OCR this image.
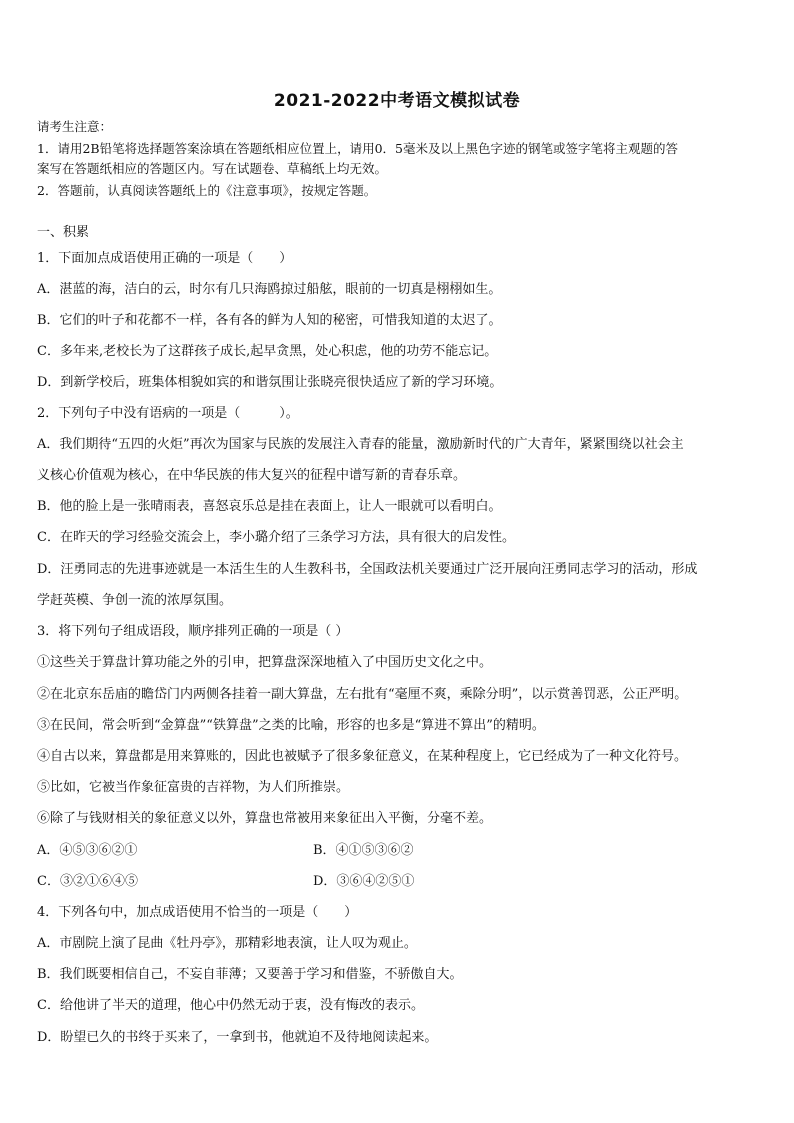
2021-2022中考语文模拟试卷
请考生注意：
1．请用2B铅笔将选择题答案涂填在答题纸相应位置上，请用0．5毫米及以上黑色字迹的钢笔或签字笔将主观题的答
案写在答题纸相应的答题区内。写在试题卷、草稿纸上均无效。
2．答题前，认真阅读答题纸上的《注意事项》，按规定答题。
一、积累
1．下面加点成语使用正确的一项是（　　）
A．湛蓝的海，洁白的云，时尔有几只海鸥掠过船舷，眼前的一切真是栩栩如生。
B．它们的叶子和花都不一样，各有各的鲜为人知的秘密，可惜我知道的太迟了。
C．多年来,老校长为了这群孩子成长,起早贪黑，处心积虑，他的功劳不能忘记。
D．到新学校后，班集体相貌如宾的和谐氛围让张晓亮很快适应了新的学习环境。
2．下列句子中没有语病的一项是（　　　）。
A．我们期待“五四的火炬”再次为国家与民族的发展注入青春的能量，激励新时代的广大青年，紧紧围绕以社会主
义核心价值观为核心，在中华民族的伟大复兴的征程中谱写新的青春乐章。
B．他的脸上是一张晴雨表，喜怒哀乐总是挂在表面上，让人一眼就可以看明白。
C．在昨天的学习经验交流会上，李小璐介绍了三条学习方法，具有很大的启发性。
D．汪勇同志的先进事迹就是一本活生生的人生教科书，全国政法机关要通过广泛开展向汪勇同志学习的活动，形成
学赶英模、争创一流的浓厚氛围。
3．将下列句子组成语段，顺序排列正确的一项是（ ）
①这些关于算盘计算功能之外的引申，把算盘深深地植入了中国历史文化之中。
②在北京东岳庙的瞻岱门内两侧各挂着一副大算盘，左右批有“毫厘不爽，乘除分明”，以示赏善罚恶，公正严明。
③在民间，常会听到“金算盘”“铁算盘”之类的比喻，形容的也多是“算进不算出”的精明。
④自古以来，算盘都是用来算账的，因此也被赋予了很多象征意义，在某种程度上，它已经成为了一种文化符号。
⑤比如，它被当作象征富贵的吉祥物，为人们所推崇。
⑥除了与钱财相关的象征意义以外，算盘也常被用来象征出入平衡，分毫不差。
A．④⑤③⑥②①	B．④①⑤③⑥②
C．③②①⑥④⑤	D．③⑥④②⑤①
4．下列各句中，加点成语使用不恰当的一项是（　　）
A．市剧院上演了昆曲《牡丹亭》，那精彩地表演，让人叹为观止。
B．我们既要相信自己，不妄自菲薄；又要善于学习和借鉴，不骄傲自大。
C．给他讲了半天的道理，他心中仍然无动于衷，没有悔改的表示。
D．盼望已久的书终于买来了，一拿到书，他就迫不及待地阅读起来。
